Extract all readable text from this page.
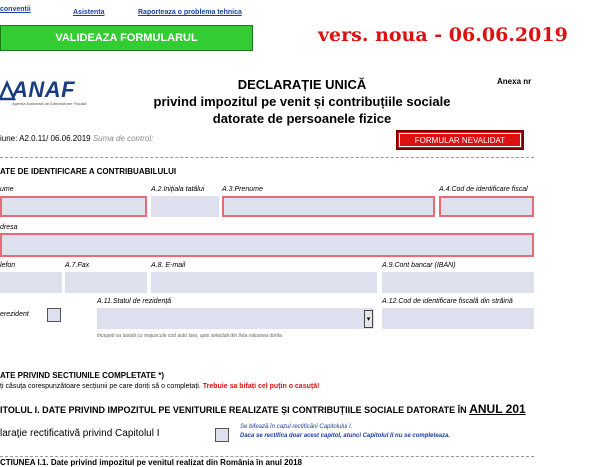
conventii	Asistenta	Raporteaza o problema tehnica
VALIDEAZA FORMULARUL	vers. noua - 06.06.2019
ANAF
Agenția Națională de Administrare Fiscală
DECLARAȚIE UNICĂ
privind impozitul pe venit și contribuțiile sociale
datorate de persoanele fizice
Anexa nr
iune: A2.0.11/ 06.06.2019 Suma de control:	FORMULAR NEVALIDAT
ATE DE IDENTIFICARE A CONTRIBUABILULUI
ume	A.2.Inițiala tatălui	A.3.Prenume	A.4.Cod de identificare fiscal
dresa
lefon	A.7.Fax	A.8. E-mail	A.9.Cont bancar (IBAN)
erezident
A.11.Statul de rezidență
▾
Incepeti sa tastati cu majuscule cod auto tara, apoi selectati din lista valoarea dorita
A.12.Cod de identificare fiscală din străină
ATE PRIVIND SECTIUNILE COMPLETATE *)
ți căsuța corespunzătoare secțiunii pe care doriți să o completați. Trebuie sa bifați cel puțin o casuță!
ITOLUL I. DATE PRIVIND IMPOZITUL PE VENITURILE REALIZATE ȘI CONTRIBUȚIILE SOCIALE DATORATE ÎN ANUL 201
laraţie rectificativă privind Capitolul I
Se bifează în cazul rectificării Capitolului I.
Daca se rectifica doar acest capitol, atunci Capitolul II nu se completeaza.
CTIUNEA I.1. Date privind impozitul pe venitul realizat din România în anul 2018
